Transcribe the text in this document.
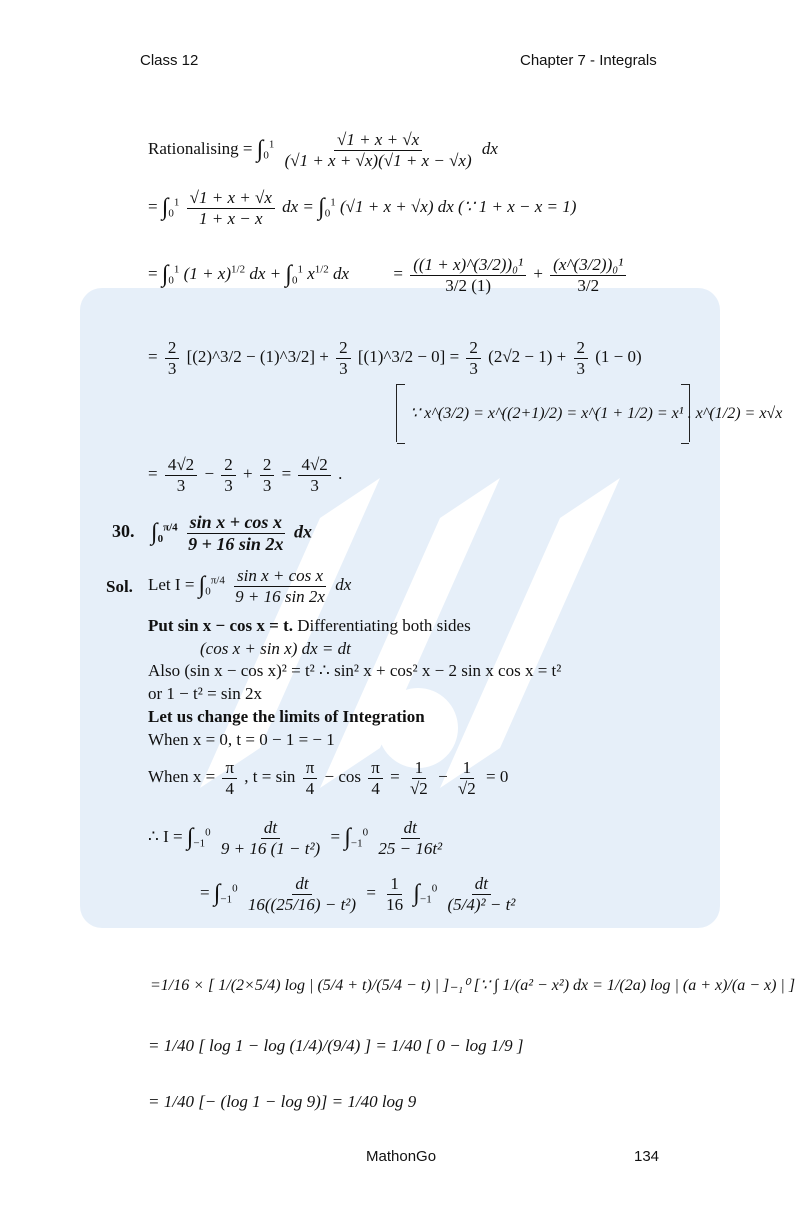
Class 12	Chapter 7 - Integrals
Rationalising = $\int_0^1 \frac{√1 + x + √x}{(√1 + x + √x)(√1 + x - √x)}$ dx
= $\int_0^1 \frac{√1 + x + √x}{1 + x - x}$ dx = $\int_0^1$ (√1 + x + √x) dx (∵ 1 + x − x = 1)
= $\int_0^1$ $(1 + x)^{1/2}$ dx + $\int_0^1$ $x^{1/2}$ dx	= $\frac{\text{((1 + x)\textasciicircum{}(3/2))₀¹}}{3/2 (1)} + \frac{\text{(x\textasciicircum{}(3/2))₀¹}}{3/2}$
= $\frac{2}{3}$ [(2)^3/2 − (1)^3/2] + $\frac{2}{3}$ [(1)^3/2 − $0] = \frac{2}{3} (2√2 - 1) + \frac{2}{3} (1 - 0)$
∵ x^(3/2) = x^((2+1)/2) = x^(1 + 1/2) = x¹ . x^(1/2) = x√x
= $\frac{4√2}{3} - \frac{2}{3} + \frac{2}{3} = \frac{4√2}{3}$ .
30. $\int_0^{\pi/4} \frac{\text{sin x + cos x}}{9 + 16 \sin 2x}$ dx
Sol. Let $I = \int_0^{\pi/4} \frac{\text{sin x + cos x}}{9 + 16 \sin 2x}$ dx
Put sin x − cos x = t. Differentiating both sides
(cos x + sin x) dx = dt
Also (sin x − cos x)² = t² ∴ sin² x + cos² x − 2 sin x cos x = t²
or 1 − t² = sin 2x
Let us change the limits of Integration
When x = 0, t = 0 − 1 = − 1
When $x = \frac{\pi}{4}$ , $t = \sin \frac{\pi}{4} - \cos \frac{\pi}{4} = \frac{1}{√2} - \frac{1}{√2} = 0$
∴ $I = \int_{-1}^0 \frac{dt}{\text{9 + 16 (1 − t²)}} = \int_{-1}^0 \frac{dt}{\text{25 − 16t²}}$
= $\int_{-1}^0 \frac{dt}{\text{16((25/16) − t²)}} = \frac{1}{16} \int_{-1}^0 \frac{dt}{\text{(5/4)² − t²}}$
=1/16 × [ 1/(2×5/4) log | (5/4 + t)/(5/4 − t) | ]₋₁⁰ [∵ ∫ 1/(a² − x²) dx = 1/(2a) log | (a + x)/(a − x) | ]
= 1/40 [ log 1 − log (1/4)/(9/4) ] = 1/40 [ 0 − log 1/9 ]
= 1/40 [− (log 1 − log 9)] = 1/40 log 9
MathonGo	134
